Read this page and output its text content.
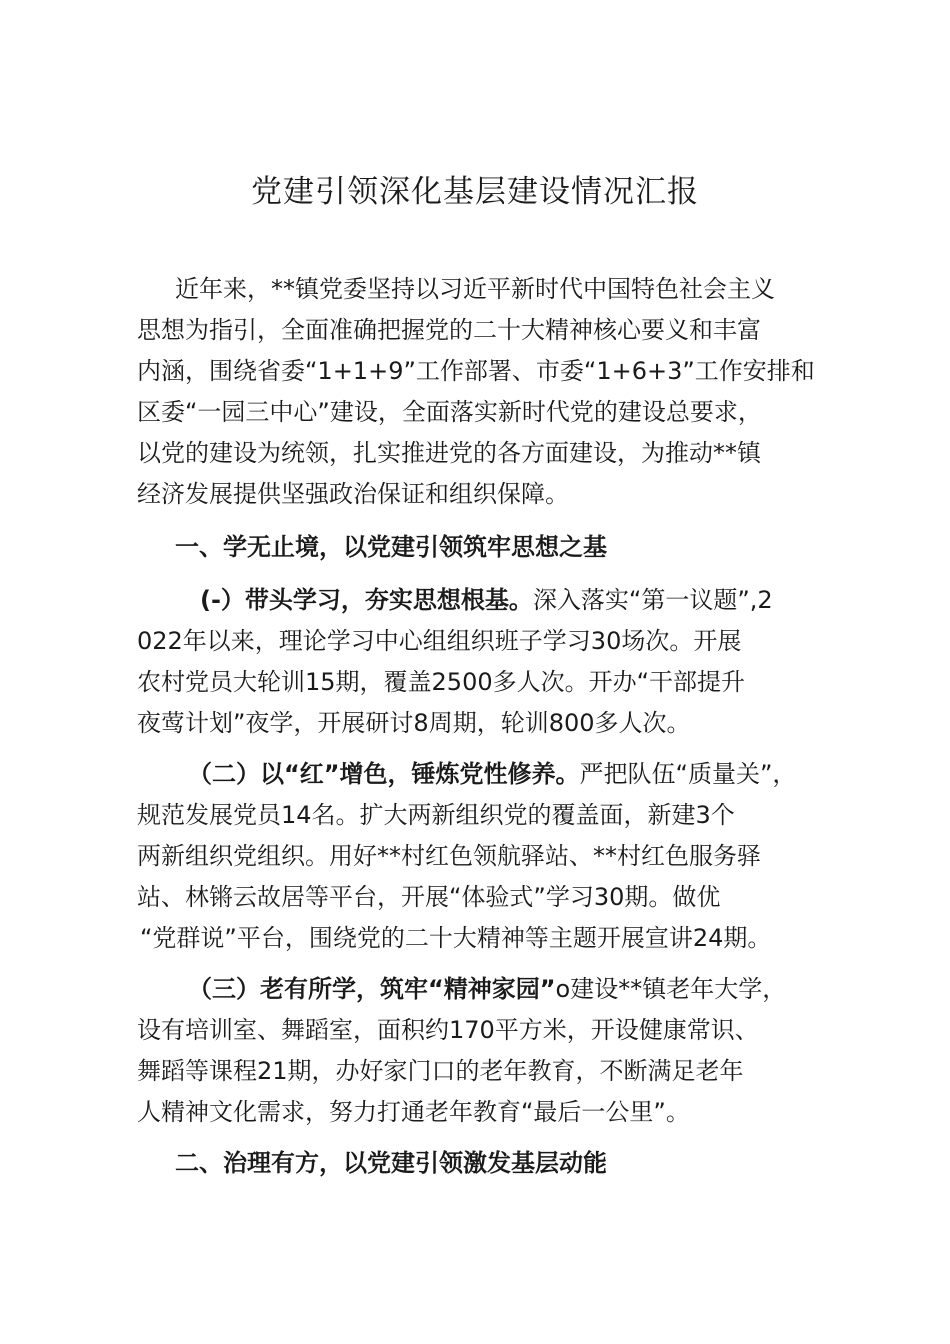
党建引领深化基层建设情况汇报

近年来，**镇党委坚持以习近平新时代中国特色社会主义

思想为指引，全面准确把握党的二十大精神核心要义和丰富

内涵，围绕省委“1+1+9”工作部署、市委“1+6+3”工作安排和

区委“一园三中心”建设，全面落实新时代党的建设总要求，

以党的建设为统领，扎实推进党的各方面建设，为推动**镇

经济发展提供坚强政治保证和组织保障。

一、学无止境，以党建引领筑牢思想之基

(-）带头学习，夯实思想根基。深入落实“第一议题”,2

022年以来，理论学习中心组组织班子学习30场次。开展

农村党员大轮训15期，覆盖2500多人次。开办“干部提升

夜莺计划”夜学，开展研讨8周期，轮训800多人次。

（二）以“红”增色，锤炼党性修养。严把队伍“质量关”，

规范发展党员14名。扩大两新组织党的覆盖面，新建3个

两新组织党组织。用好**村红色领航驿站、**村红色服务驿

站、林锵云故居等平台，开展“体验式”学习30期。做优

“党群说”平台，围绕党的二十大精神等主题开展宣讲24期。

（三）老有所学，筑牢“精神家园”o建设**镇老年大学，

设有培训室、舞蹈室，面积约170平方米，开设健康常识、

舞蹈等课程21期，办好家门口的老年教育，不断满足老年

人精神文化需求，努力打通老年教育“最后一公里”。

二、治理有方，以党建引领激发基层动能
